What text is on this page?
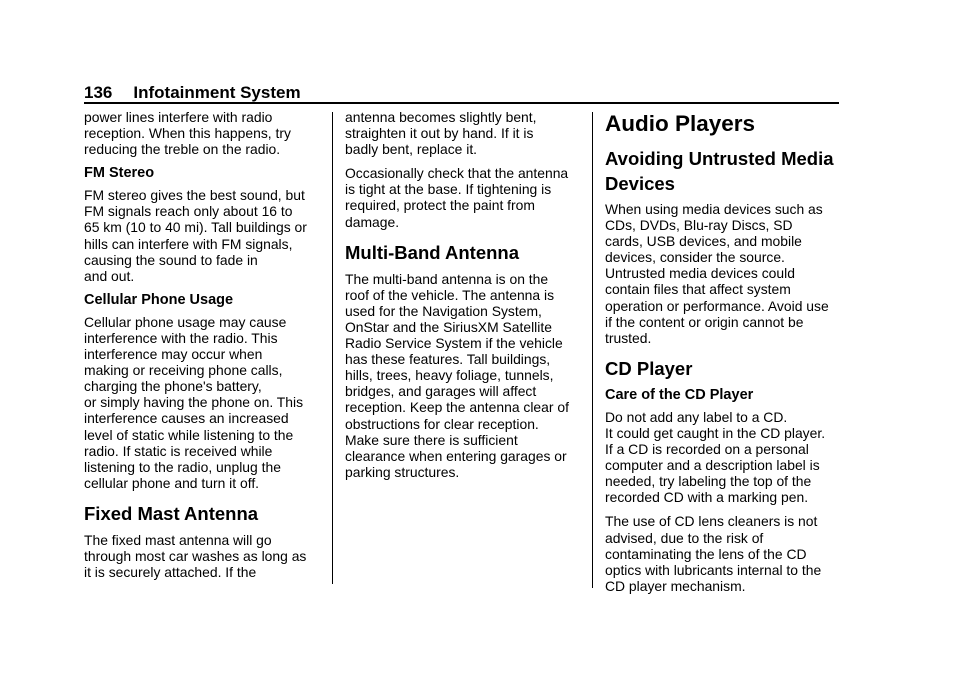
136 Infotainment System

power lines interfere with radio
reception. When this happens, try
reducing the treble on the radio.

FM Stereo

FM stereo gives the best sound, but
FM signals reach only about 16 to
65 km (10 to 40 mi). Tall buildings or
hills can interfere with FM signals,
causing the sound to fade in
and out.

Cellular Phone Usage

Cellular phone usage may cause
interference with the radio. This
interference may occur when
making or receiving phone calls,
charging the phone's battery,
or simply having the phone on. This
interference causes an increased
level of static while listening to the
radio. If static is received while
listening to the radio, unplug the
cellular phone and turn it off.

Fixed Mast Antenna

The fixed mast antenna will go
through most car washes as long as
it is securely attached. If the

antenna becomes slightly bent,
straighten it out by hand. If it is
badly bent, replace it.

Occasionally check that the antenna
is tight at the base. If tightening is
required, protect the paint from
damage.

Multi-Band Antenna

The multi-band antenna is on the
roof of the vehicle. The antenna is
used for the Navigation System,
OnStar and the SiriusXM Satellite
Radio Service System if the vehicle
has these features. Tall buildings,
hills, trees, heavy foliage, tunnels,
bridges, and garages will affect
reception. Keep the antenna clear of
obstructions for clear reception.
Make sure there is sufficient
clearance when entering garages or
parking structures.

Audio Players
Avoiding Untrusted Media
Devices

When using media devices such as
CDs, DVDs, Blu-ray Discs, SD
cards, USB devices, and mobile
devices, consider the source.
Untrusted media devices could
contain files that affect system
operation or performance. Avoid use
if the content or origin cannot be
trusted.

CD Player
Care of the CD Player

Do not add any label to a CD.
It could get caught in the CD player.
If a CD is recorded on a personal
computer and a description label is
needed, try labeling the top of the
recorded CD with a marking pen.

The use of CD lens cleaners is not
advised, due to the risk of
contaminating the lens of the CD
optics with lubricants internal to the
CD player mechanism.
